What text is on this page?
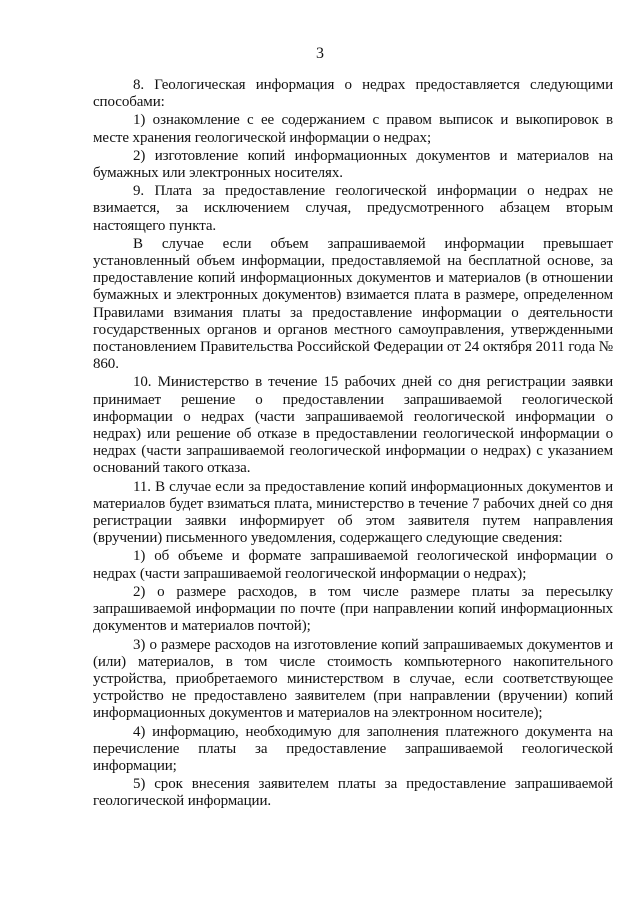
3

8. Геологическая информация о недрах предоставляется следующими способами:

1) ознакомление с ее содержанием с правом выписок и выкопировок в месте хранения геологической информации о недрах;

2) изготовление копий информационных документов и материалов на бумажных или электронных носителях.

9. Плата за предоставление геологической информации о недрах не взимается, за исключением случая, предусмотренного абзацем вторым настоящего пункта.

В случае если объем запрашиваемой информации превышает установленный объем информации, предоставляемой на бесплатной основе, за предоставление копий информационных документов и материалов (в отношении бумажных и электронных документов) взимается плата в размере, определенном Правилами взимания платы за предоставление информации о деятельности государственных органов и органов местного самоуправления, утвержденными постановлением Правительства Российской Федерации от 24 октября 2011 года № 860.

10. Министерство в течение 15 рабочих дней со дня регистрации заявки принимает решение о предоставлении запрашиваемой геологической информации о недрах (части запрашиваемой геологической информации о недрах) или решение об отказе в предоставлении геологической информации о недрах (части запрашиваемой геологической информации о недрах) с указанием оснований такого отказа.

11. В случае если за предоставление копий информационных документов и материалов будет взиматься плата, министерство в течение 7 рабочих дней со дня регистрации заявки информирует об этом заявителя путем направления (вручении) письменного уведомления, содержащего следующие сведения:

1) об объеме и формате запрашиваемой геологической информации о недрах (части запрашиваемой геологической информации о недрах);

2) о размере расходов, в том числе размере платы за пересылку запрашиваемой информации по почте (при направлении копий информационных документов и материалов почтой);

3) о размере расходов на изготовление копий запрашиваемых документов и (или) материалов, в том числе стоимость компьютерного накопительного устройства, приобретаемого министерством в случае, если соответствующее устройство не предоставлено заявителем (при направлении (вручении) копий информационных документов и материалов на электронном носителе);

4) информацию, необходимую для заполнения платежного документа на перечисление платы за предоставление запрашиваемой геологической информации;

5) срок внесения заявителем платы за предоставление запрашиваемой геологической информации.
